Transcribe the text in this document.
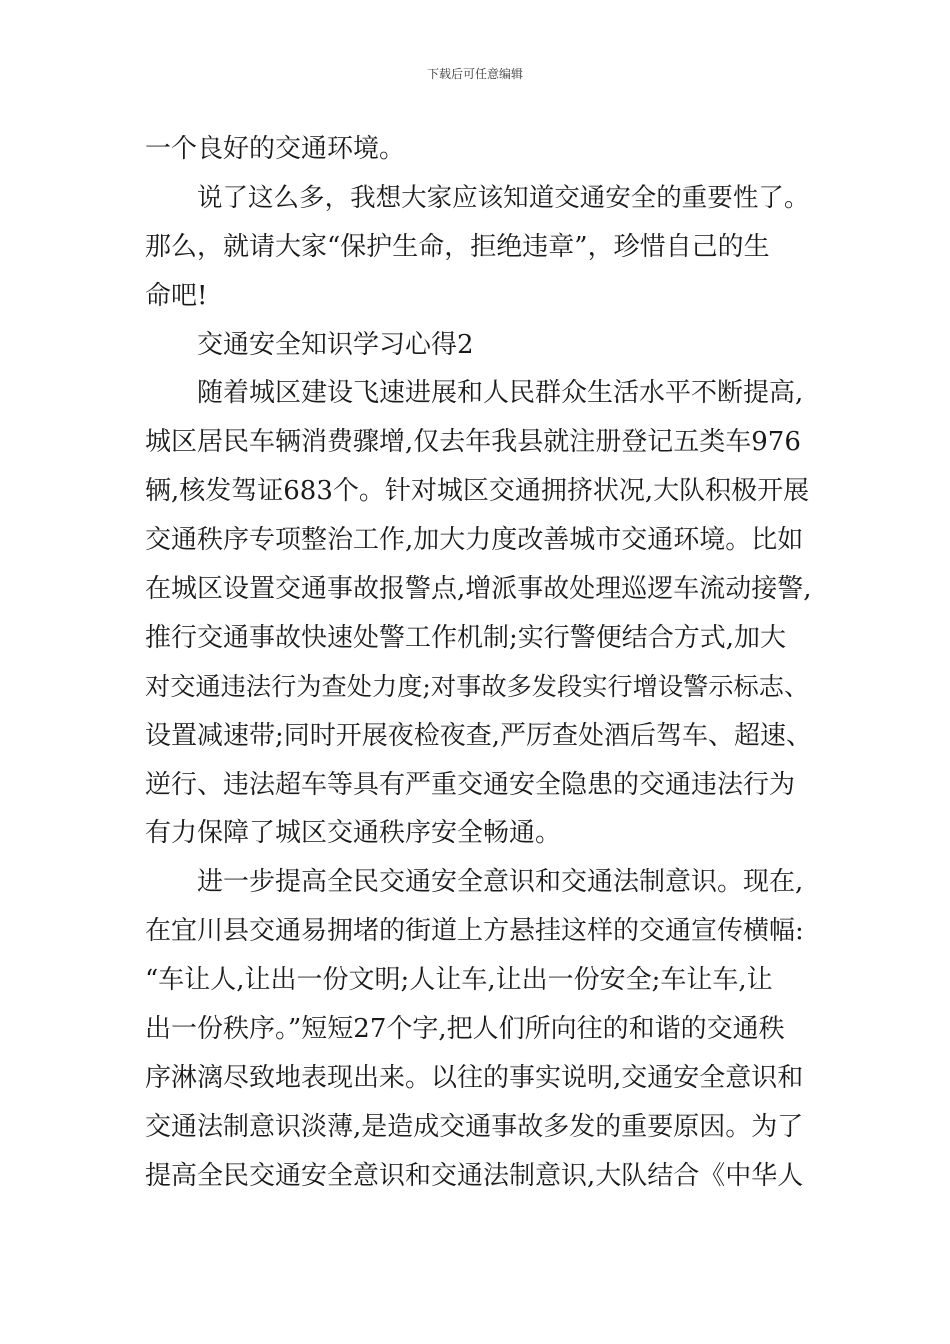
下载后可任意编辑
一个良好的交通环境。
说了这么多，我想大家应该知道交通安全的重要性了。
那么，就请大家“保护生命，拒绝违章”，珍惜自己的生
命吧!
交通安全知识学习心得2
随着城区建设飞速进展和人民群众生活水平不断提高,
城区居民车辆消费骤增,仅去年我县就注册登记五类车976
辆,核发驾证683个。针对城区交通拥挤状况,大队积极开展
交通秩序专项整治工作,加大力度改善城市交通环境。比如
在城区设置交通事故报警点,增派事故处理巡逻车流动接警,
推行交通事故快速处警工作机制;实行警便结合方式,加大
对交通违法行为查处力度;对事故多发段实行增设警示标志、
设置减速带;同时开展夜检夜查,严厉查处酒后驾车、超速、
逆行、违法超车等具有严重交通安全隐患的交通违法行为
有力保障了城区交通秩序安全畅通。
进一步提高全民交通安全意识和交通法制意识。现在,
在宜川县交通易拥堵的街道上方悬挂这样的交通宣传横幅:
“车让人,让出一份文明;人让车,让出一份安全;车让车,让
出一份秩序。”短短27个字,把人们所向往的和谐的交通秩
序淋漓尽致地表现出来。以往的事实说明,交通安全意识和
交通法制意识淡薄,是造成交通事故多发的重要原因。为了
提高全民交通安全意识和交通法制意识,大队结合《中华人
